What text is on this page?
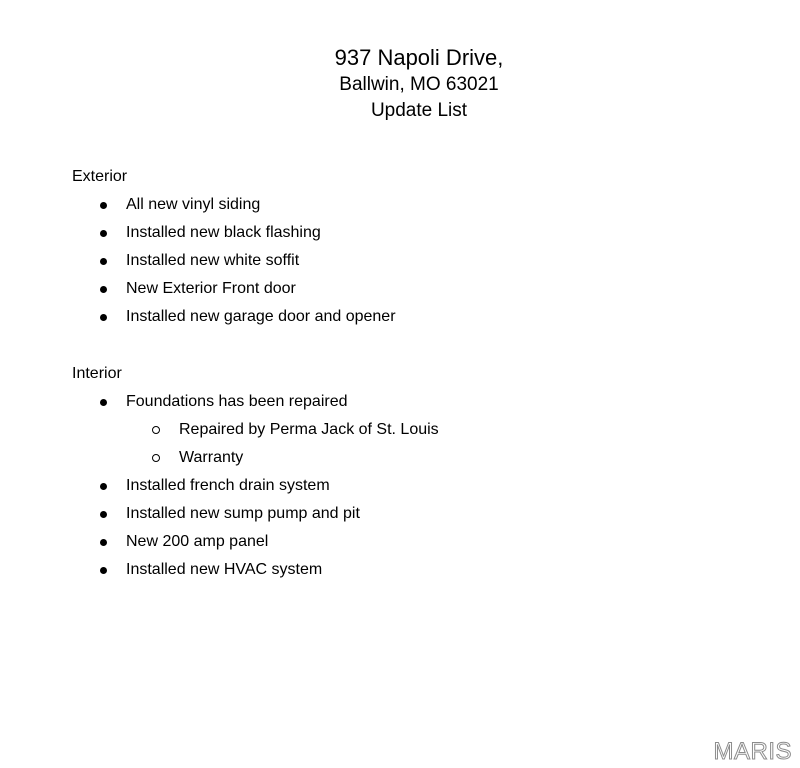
937 Napoli Drive,
Ballwin, MO 63021
Update List
Exterior
All new vinyl siding
Installed new black flashing
Installed new white soffit
New Exterior Front door
Installed new garage door and opener
Interior
Foundations has been repaired
Repaired by Perma Jack of St. Louis
Warranty
Installed french drain system
Installed new sump pump and pit
New 200 amp panel
Installed new HVAC system
MARIS
